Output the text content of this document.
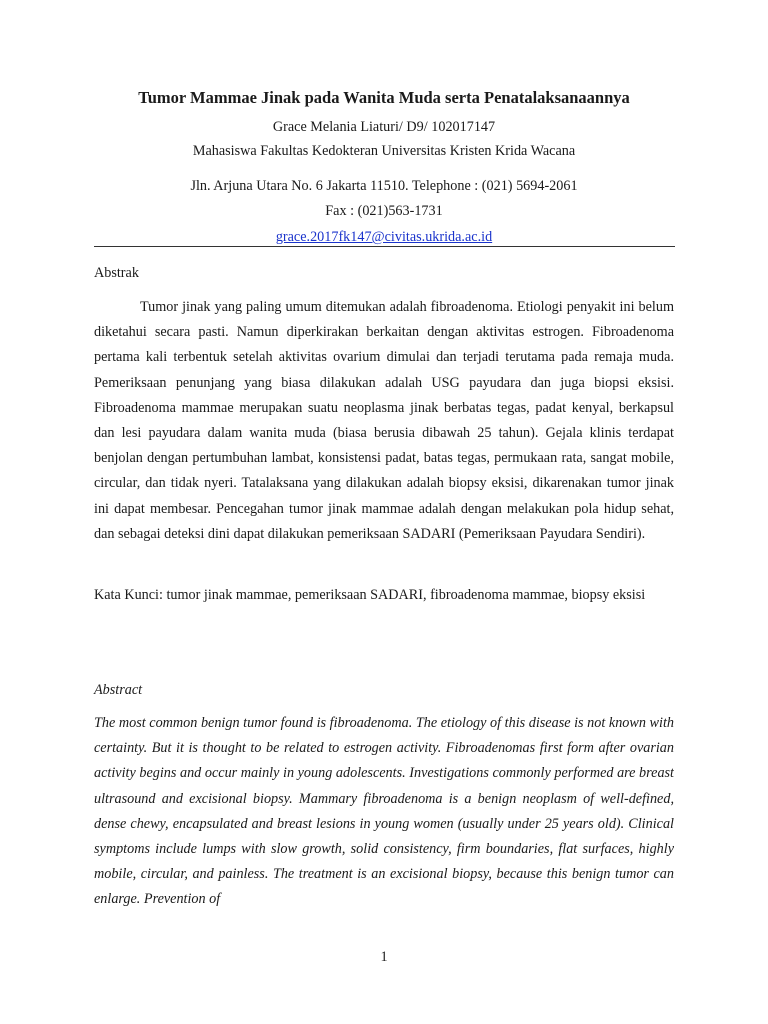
Tumor Mammae Jinak pada Wanita Muda serta Penatalaksanaannya
Grace Melania Liaturi/ D9/ 102017147
Mahasiswa Fakultas Kedokteran Universitas Kristen Krida Wacana
Jln. Arjuna Utara No. 6 Jakarta 11510. Telephone : (021) 5694-2061
Fax : (021)563-1731
grace.2017fk147@civitas.ukrida.ac.id
Abstrak

Tumor jinak yang paling umum ditemukan adalah fibroadenoma. Etiologi penyakit ini belum diketahui secara pasti. Namun diperkirakan berkaitan dengan aktivitas estrogen. Fibroadenoma pertama kali terbentuk setelah aktivitas ovarium dimulai dan terjadi terutama pada remaja muda. Pemeriksaan penunjang yang biasa dilakukan adalah USG payudara dan juga biopsi eksisi. Fibroadenoma mammae merupakan suatu neoplasma jinak berbatas tegas, padat kenyal, berkapsul dan lesi payudara dalam wanita muda (biasa berusia dibawah 25 tahun). Gejala klinis terdapat benjolan dengan pertumbuhan lambat, konsistensi padat, batas tegas, permukaan rata, sangat mobile, circular, dan tidak nyeri. Tatalaksana yang dilakukan adalah biopsy eksisi, dikarenakan tumor jinak ini dapat membesar. Pencegahan tumor jinak mammae adalah dengan melakukan pola hidup sehat, dan sebagai deteksi dini dapat dilakukan pemeriksaan SADARI (Pemeriksaan Payudara Sendiri).

Kata Kunci: tumor jinak mammae, pemeriksaan SADARI, fibroadenoma mammae, biopsy eksisi

Abstract

The most common benign tumor found is fibroadenoma. The etiology of this disease is not known with certainty. But it is thought to be related to estrogen activity. Fibroadenomas first form after ovarian activity begins and occur mainly in young adolescents. Investigations commonly performed are breast ultrasound and excisional biopsy. Mammary fibroadenoma is a benign neoplasm of well-defined, dense chewy, encapsulated and breast lesions in young women (usually under 25 years old). Clinical symptoms include lumps with slow growth, solid consistency, firm boundaries, flat surfaces, highly mobile, circular, and painless. The treatment is an excisional biopsy, because this benign tumor can enlarge. Prevention of

1
